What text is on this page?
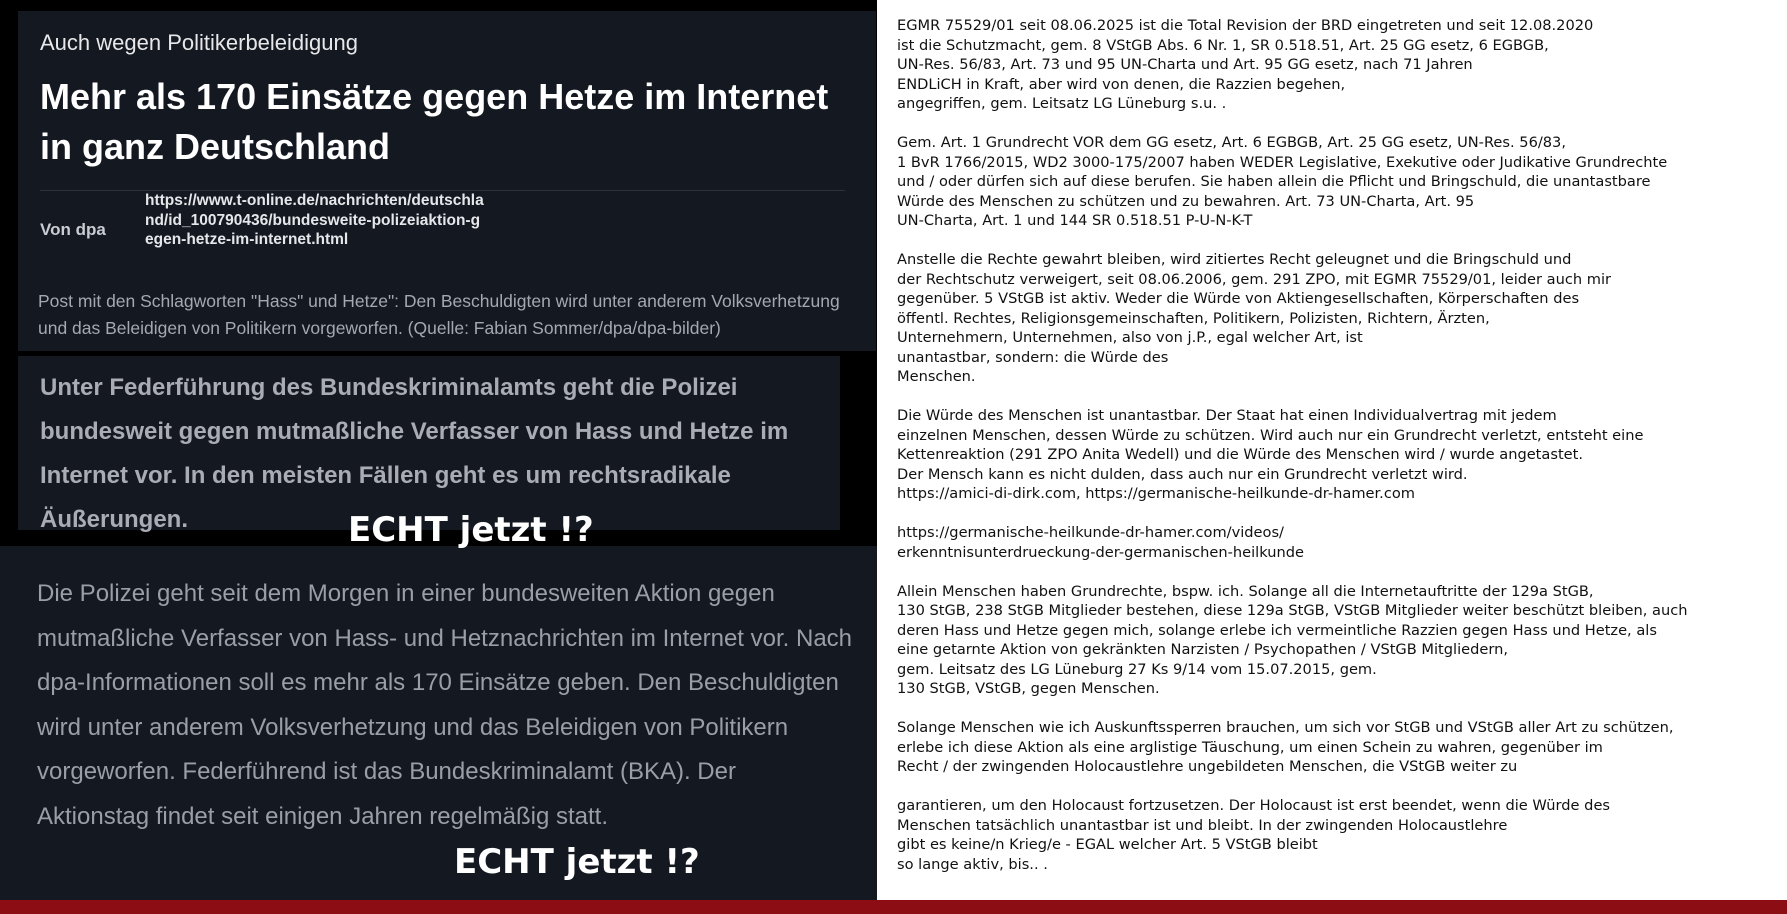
Auch wegen Politikerbeleidigung
Mehr als 170 Einsätze gegen Hetze im Internet in ganz Deutschland
Von dpa
https://www.t-online.de/nachrichten/deutschland/id_100790436/bundesweite-polizeiaktion-gegen-hetze-im-internet.html
Post mit den Schlagworten "Hass" und Hetze": Den Beschuldigten wird unter anderem Volksverhetzung und das Beleidigen von Politikern vorgeworfen. (Quelle: Fabian Sommer/dpa/dpa-bilder)
Unter Federführung des Bundeskriminalamts geht die Polizei bundesweit gegen mutmaßliche Verfasser von Hass und Hetze im Internet vor. In den meisten Fällen geht es um rechtsradikale Äußerungen.	ECHT jetzt !?
Die Polizei geht seit dem Morgen in einer bundesweiten Aktion gegen mutmaßliche Verfasser von Hass- und Hetznachrichten im Internet vor. Nach dpa-Informationen soll es mehr als 170 Einsätze geben. Den Beschuldigten wird unter anderem Volksverhetzung und das Beleidigen von Politikern vorgeworfen. Federführend ist das Bundeskriminalamt (BKA). Der Aktionstag findet seit einigen Jahren regelmäßig statt.
ECHT jetzt !?

EGMR 75529/01 seit 08.06.2025 ist die Total Revision der BRD eingetreten und seit 12.08.2020
ist die Schutzmacht, gem. 8 VStGB Abs. 6 Nr. 1, SR 0.518.51, Art. 25 GG esetz, 6 EGBGB,
UN-Res. 56/83, Art. 73 und 95 UN-Charta und Art. 95 GG esetz, nach 71 Jahren
ENDLiCH in Kraft, aber wird von denen, die Razzien begehen,
angegriffen, gem. Leitsatz LG Lüneburg s.u. .

Gem. Art. 1 Grundrecht VOR dem GG esetz, Art. 6 EGBGB, Art. 25 GG esetz, UN-Res. 56/83,
1 BvR 1766/2015, WD2 3000-175/2007 haben WEDER Legislative, Exekutive oder Judikative Grundrechte
und / oder dürfen sich auf diese berufen. Sie haben allein die Pflicht und Bringschuld, die unantastbare
Würde des Menschen zu schützen und zu bewahren. Art. 73 UN-Charta, Art. 95
UN-Charta, Art. 1 und 144 SR 0.518.51 P-U-N-K-T

Anstelle die Rechte gewahrt bleiben, wird zitiertes Recht geleugnet und die Bringschuld und
der Rechtschutz verweigert, seit 08.06.2006, gem. 291 ZPO, mit EGMR 75529/01, leider auch mir
gegenüber. 5 VStGB ist aktiv. Weder die Würde von Aktiengesellschaften, Körperschaften des
öffentl. Rechtes, Religionsgemeinschaften, Politikern, Polizisten, Richtern, Ärzten,
Unternehmern, Unternehmen, also von j.P., egal welcher Art, ist
unantastbar, sondern: die Würde des
Menschen.

Die Würde des Menschen ist unantastbar. Der Staat hat einen Individualvertrag mit jedem
einzelnen Menschen, dessen Würde zu schützen. Wird auch nur ein Grundrecht verletzt, entsteht eine
Kettenreaktion (291 ZPO Anita Wedell) und die Würde des Menschen wird / wurde angetastet.
Der Mensch kann es nicht dulden, dass auch nur ein Grundrecht verletzt wird.
https://amici-di-dirk.com, https://germanische-heilkunde-dr-hamer.com

https://germanische-heilkunde-dr-hamer.com/videos/
erkenntnisunterdrueckung-der-germanischen-heilkunde

Allein Menschen haben Grundrechte, bspw. ich. Solange all die Internetauftritte der 129a StGB,
130 StGB, 238 StGB Mitglieder bestehen, diese 129a StGB, VStGB Mitglieder weiter beschützt bleiben, auch
deren Hass und Hetze gegen mich, solange erlebe ich vermeintliche Razzien gegen Hass und Hetze, als
eine getarnte Aktion von gekränkten Narzisten / Psychopathen / VStGB Mitgliedern,
gem. Leitsatz des LG Lüneburg 27 Ks 9/14 vom 15.07.2015, gem.
130 StGB, VStGB, gegen Menschen.

Solange Menschen wie ich Auskunftssperren brauchen, um sich vor StGB und VStGB aller Art zu schützen,
erlebe ich diese Aktion als eine arglistige Täuschung, um einen Schein zu wahren, gegenüber im
Recht / der zwingenden Holocaustlehre ungebildeten Menschen, die VStGB weiter zu

garantieren, um den Holocaust fortzusetzen. Der Holocaust ist erst beendet, wenn die Würde des
Menschen tatsächlich unantastbar ist und bleibt. In der zwingenden Holocaustlehre
gibt es keine/n Krieg/e - EGAL welcher Art. 5 VStGB bleibt
so lange aktiv, bis.. .
